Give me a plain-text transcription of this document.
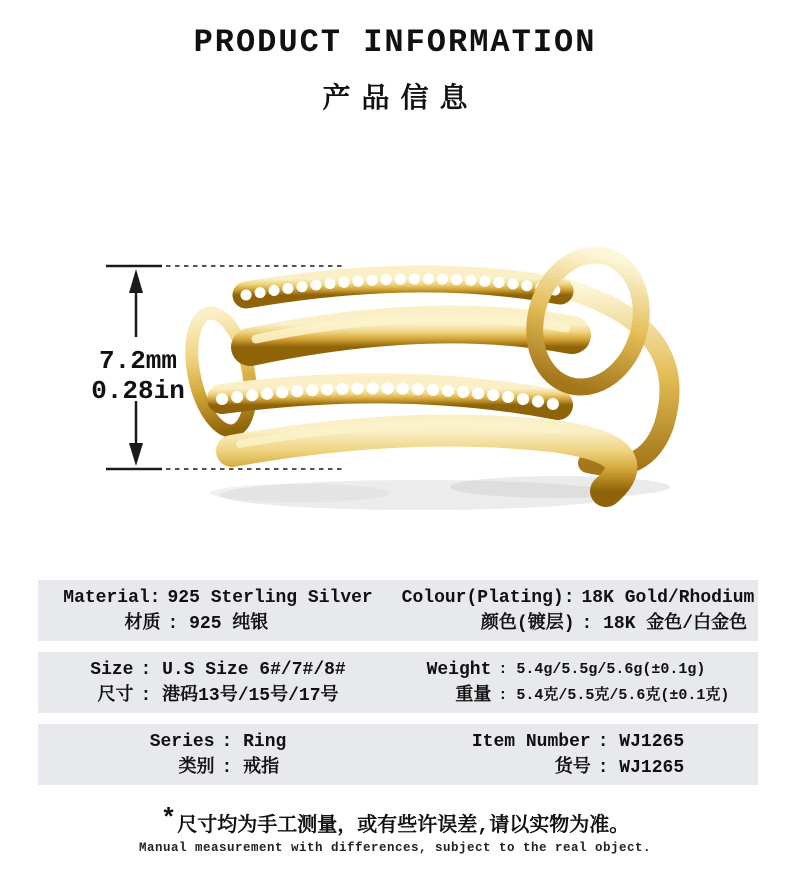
PRODUCT INFORMATION
产品信息
7.2mm
0.28in
Material: 925 Sterling Silver
材质 : 925 纯银
Colour(Plating): 18K Gold/Rhodium
颜色(镀层) : 18K 金色/白金色
Size : U.S Size 6#/7#/8#
尺寸 : 港码13号/15号/17号
Weight : 5.4g/5.5g/5.6g(±0.1g)
重量 : 5.4克/5.5克/5.6克(±0.1克)
Series : Ring
类别 : 戒指
Item Number : WJ1265
货号 : WJ1265
*尺寸均为手工测量，或有些许误差,请以实物为准。
Manual measurement with differences, subject to the real object.
